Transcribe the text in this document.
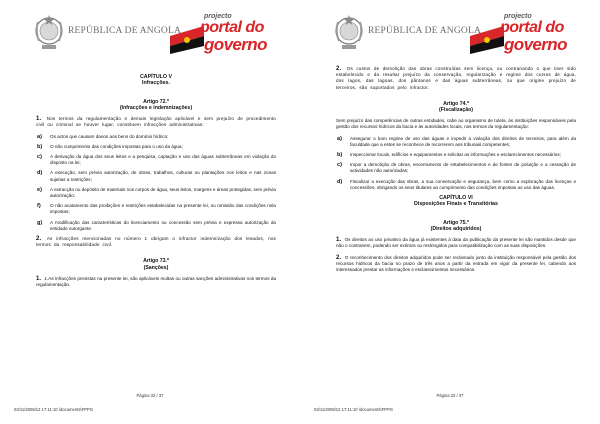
REPÚBLICA DE ANGOLA
projecto
portal do
governo
CAPÍTULO V
Infracções.
Artigo 72.º
(Infracções e indemnizações)
1. Nos termos da regulamentação e demais legislação aplicável e sem prejuízo de procedimento civil ou criminal se houver lugar, constituem infracções administrativas:
a) Os actos que causam danos aos bens do domínio hídrico;
b) O não cumprimento das condições impostas para o uso da água;
c) A derivação da água dos seus leitos e a pesquisa, captação e uso das águas subterrâneas em violação do disposto na lei;
d) A execução, sem prévia autorização, de obras, trabalhos, culturas ou plantações nos leitos e nas zonas sujeitas a restrições;
e) A extracção ou depósito de materiais nos corpos de água, seus leitos, margens e áreas protegidas, sem prévia autorização;
f) O não acatamento das proibições e restrições estabelecidas na presente lei, ou omissão das condições nela impostas;
g) A modificação das características do licenciamento ou concessão sem prévia e expressa autorização da entidade outorgante.
2. As infracções mencionadas no número 1 obrigam o infractor indemnização dos lesados, nos termos da responsabilidade civil.
Artigo 73.º
(Sanções)
1. 1.As infracções previstas na presente lei, são aplicáveis multas ou outras sanções administrativas nos termos da regulamentação.
Página 32 / 37
03/11/2006/12 17:11:10 \documents\FPPG
REPÚBLICA DE ANGOLA
projecto
portal do
governo
2. Os custos de demolição das obras construídas sem licença, ou contrariando o que tiver sido estabelecido e da resultar prejuízo da conservação, regularização e regime dos cursos de água, dos lagos, das lagoas, dos pântanos e das águas subterrâneas, ou que origine prejuízo de terceiros, são suportados pelo infractor.
Artigo 74.º
(Fiscalização)
Sem prejuízo das competências de outras entidades, cabe ao organismo de tutela, às instituições responsáveis pela gestão dos recursos hídricos da bacia e às autoridades locais, nos termos da regulamentação:
a) Assegurar o bom regime de uso das águas e impedir a violação dos direitos de terceiros, para além da faculdade que a estes se reconhece de recorrerem aos tribunais competentes;
b) Inspeccionar locais, edifícios e equipamentos e solicitar as informações e esclarecimentos necessários;
c) Impor a demolição de obras, encerramento de estabelecimentos e de fontes de poluição e a cessação de actividades não autorizadas;
d) Fiscalizar a execução das obras, a sua conservação e segurança, bem como a exploração das licenças e concessões, obrigando os seus titulares ao cumprimento das condições impostas ao uso das águas.
CAPÍTULO VI
Disposições Finais e Transitórias
Artigo 75.º
(Direitos adquiridos)
1. Os direitos ao uso privativo da água já existentes à data da publicação da presente lei são mantidos desde que não o contrariem, podendo ser extintos ou restringidos para compatibilização com as suas disposições.
2. O reconhecimento dos direitos adquiridos pode ser reclamado junto da instituição responsável pela gestão dos recursos hídricos da bacia no prazo de três anos a partir da entrada em vigor da presente lei, cabendo aos interessados prestar as informações e esclarecimentos necessários.
Página 33 / 37
03/11/2006/12 17:11:10 \documents\FPPG
